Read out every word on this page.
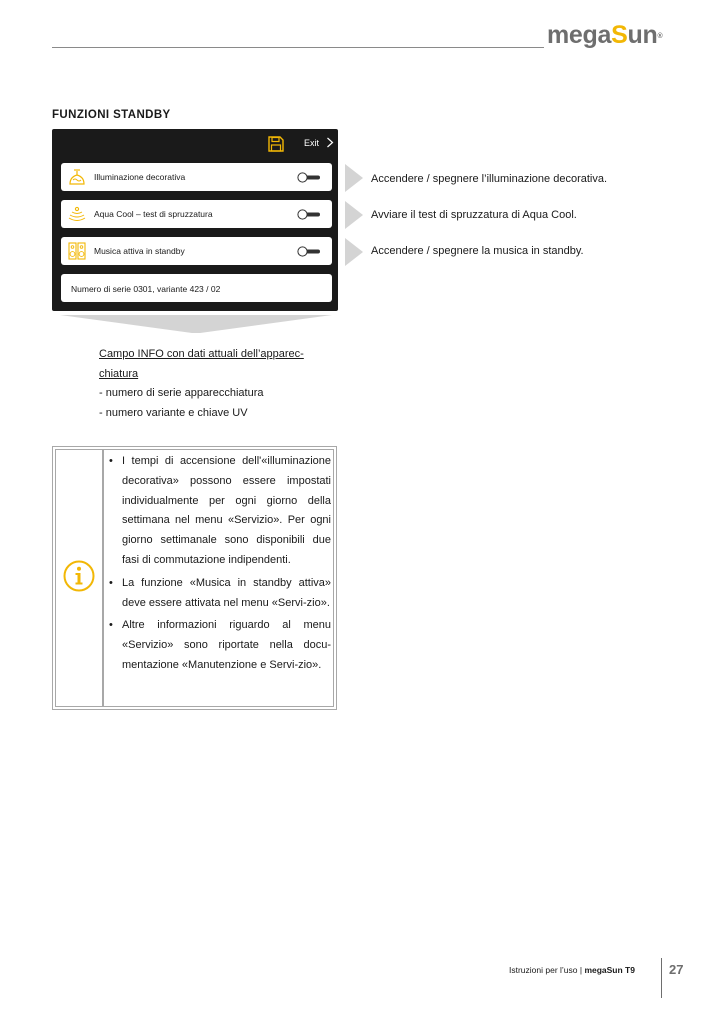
megaSun®
FUNZIONI STANDBY
Exit
Illuminazione decorativa
Aqua Cool – test di spruzzatura
Musica attiva in standby
Numero di serie 0301, variante 423 / 02
Accendere / spegnere l’illuminazione decorativa.
Avviare il test di spruzzatura di Aqua Cool.
Accendere / spegnere la musica in standby.
Campo INFO con dati attuali dell’apparec-
chiatura
- numero di serie apparecchiatura
- numero variante e chiave UV
• I tempi di accensione dell'«illuminazione decorativa» possono essere impostati individualmente per ogni giorno della settimana nel menu «Servizio». Per ogni giorno settimanale sono disponibili due fasi di commutazione indipendenti.
• La funzione «Musica in standby attiva» deve essere attivata nel menu «Servi-zio».
• Altre informazioni riguardo al menu «Servizio» sono riportate nella docu-mentazione «Manutenzione e Servi-zio».
Istruzioni per l’uso | megaSun T9	27
